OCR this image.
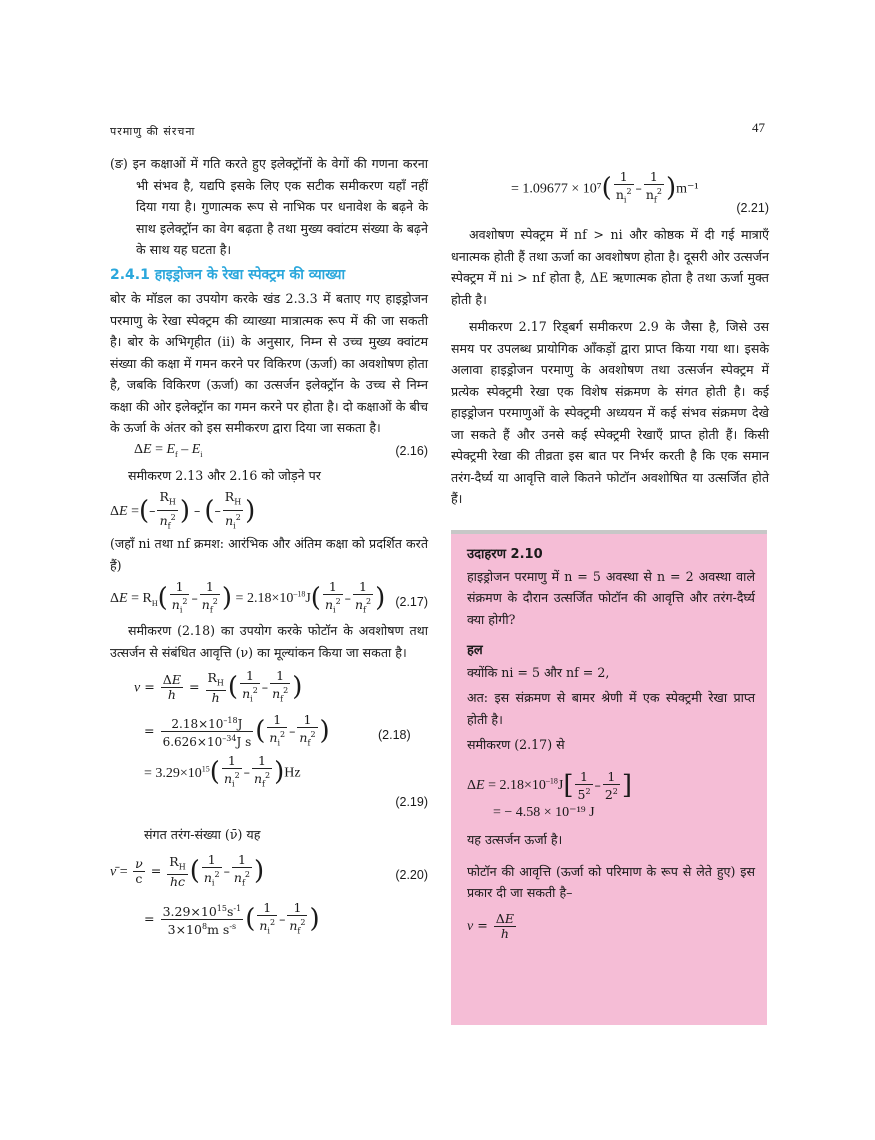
परमाणु की संरचना	47

(ङ) इन कक्षाओं में गति करते हुए इलेक्ट्रॉनों के वेगों की गणना करना भी संभव है, यद्यपि इसके लिए एक सटीक समीकरण यहाँ नहीं दिया गया है। गुणात्मक रूप से नाभिक पर धनावेश के बढ़ने के साथ इलेक्ट्रॉन का वेग बढ़ता है तथा मुख्य क्वांटम संख्या के बढ़ने के साथ यह घटता है।

2.4.1 हाइड्रोजन के रेखा स्पेक्ट्रम की व्याख्या

बोर के मॉडल का उपयोग करके खंड 2.3.3 में बताए गए हाइड्रोजन परमाणु के रेखा स्पेक्ट्रम की व्याख्या मात्रात्मक रूप में की जा सकती है। बोर के अभिगृहीत (ii) के अनुसार, निम्न से उच्च मुख्य क्वांटम संख्या की कक्षा में गमन करने पर विकिरण (ऊर्जा) का अवशोषण होता है, जबकि विकिरण (ऊर्जा) का उत्सर्जन इलेक्ट्रॉन के उच्च से निम्न कक्षा की ओर इलेक्ट्रॉन का गमन करने पर होता है। दो कक्षाओं के बीच के ऊर्जा के अंतर को इस समीकरण द्वारा दिया जा सकता है।

$\Delta E = E_f - E_i$	(2.16)

समीकरण 2.13 और 2.16 को जोड़ने पर

ΔE =(– $\frac{R_H}{n_f^2}$ ) – (– $\frac{R_H}{n_i^2}$ )

(जहाँ ni तथा nf क्रमश: आरंभिक और अंतिम कक्षा को प्रदर्शित करते हैं)

$\Delta E = R_H( \frac{1}{n_i^2} - \frac{1}{n_f^2}$ ) = $2.18\times 10^{-18}J( \frac{1}{n_i^2} - \frac{1}{n_f^2}$ ) (2.17)

समीकरण (2.18) का उपयोग करके फोटॉन के अवशोषण तथा उत्सर्जन से संबंधित आवृत्ति (ν) का मूल्यांकन किया जा सकता है।

$\nu = \frac{\Delta E}{h} = \frac{R_H}{h}$ ( $\frac{1}{n_i^2} - \frac{1}{n_f^2}$ )
= $\frac{2.18\times 10^{-18}J}{6.626\times 10^{-34}J s}$ ( $\frac{1}{n_i^2} - \frac{1}{n_f^2}$ )	(2.18)
= $3.29\times 10^{15}( \frac{1}{n_i^2} - \frac{1}{n_f^2} )Hz$
(2.19)

संगत तरंग-संख्या (ν̄) यह

ν̄ = $\frac{\nu}{c} = \frac{R_H}{hc}$ ( $\frac{1}{n_i^2} - \frac{1}{n_f^2}$ )	(2.20)
= $\frac{3.29\times 10^{15}s^{-1}}{3\times 10^8m s^{-s}}$ ( $\frac{1}{n_i^2} - \frac{1}{n_f^2}$ )
= $1.09677 \times 10^7( \frac{1}{n_i^2} - \frac{1}{n_f^2} )m^{-1}$
(2.21)

अवशोषण स्पेक्ट्रम में nf > ni और कोष्ठक में दी गई मात्राएँ धनात्मक होती हैं तथा ऊर्जा का अवशोषण होता है। दूसरी ओर उत्सर्जन स्पेक्ट्रम में ni > nf होता है, ΔE ऋणात्मक होता है तथा ऊर्जा मुक्त होती है।

समीकरण 2.17 रिड्बर्ग समीकरण 2.9 के जैसा है, जिसे उस समय पर उपलब्ध प्रायोगिक आँकड़ों द्वारा प्राप्त किया गया था। इसके अलावा हाइड्रोजन परमाणु के अवशोषण तथा उत्सर्जन स्पेक्ट्रम में प्रत्येक स्पेक्ट्रमी रेखा एक विशेष संक्रमण के संगत होती है। कई हाइड्रोजन परमाणुओं के स्पेक्ट्रमी अध्ययन में कई संभव संक्रमण देखे जा सकते हैं और उनसे कई स्पेक्ट्रमी रेखाएँ प्राप्त होती हैं। किसी स्पेक्ट्रमी रेखा की तीव्रता इस बात पर निर्भर करती है कि एक समान तरंग-दैर्घ्य या आवृत्ति वाले कितने फोटॉन अवशोषित या उत्सर्जित होते हैं।

उदाहरण 2.10

हाइड्रोजन परमाणु में n = 5 अवस्था से n = 2 अवस्था वाले संक्रमण के दौरान उत्सर्जित फोटॉन की आवृत्ति और तरंग-दैर्घ्य क्या होगी?

हल

क्योंकि ni = 5 और nf = 2,

अत: इस संक्रमण से बामर श्रेणी में एक स्पेक्ट्रमी रेखा प्राप्त होती है।

समीकरण (2.17) से

$\Delta E = 2.18\times 10^{-18}J[ \frac{1}{5^2} - \frac{1}{2^2}$ ]
= − 4.58 × 10⁻¹⁹ J

यह उत्सर्जन ऊर्जा है।

फोटॉन की आवृत्ति (ऊर्जा को परिमाण के रूप से लेते हुए) इस प्रकार दी जा सकती है–

$\nu = \frac{\Delta E}{h}$
